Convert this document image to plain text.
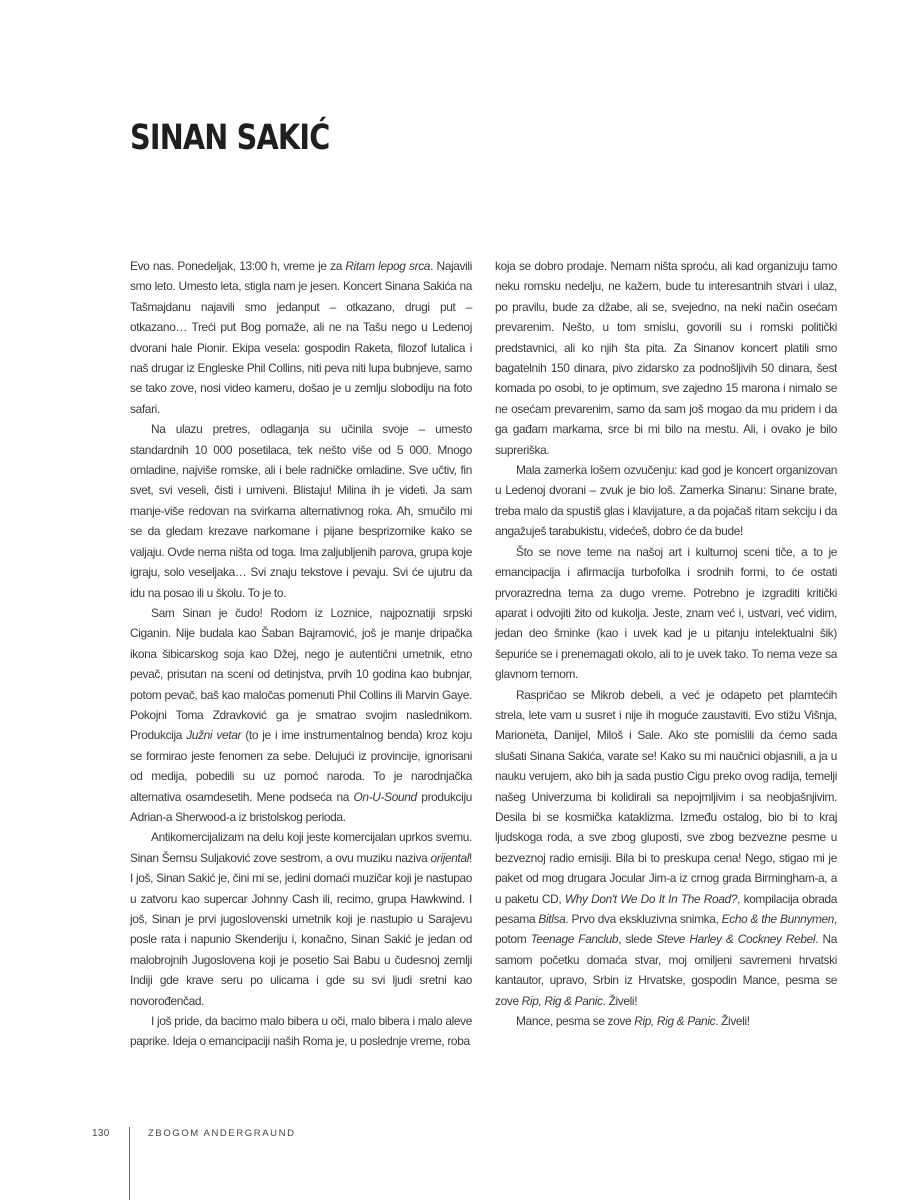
SINAN SAKIĆ

Evo nas. Ponedeljak, 13:00 h, vreme je za Ritam lepog srca. Najavili smo leto. Umesto leta, stigla nam je jesen. Koncert Sinana Sakića na Tašmajdanu najavili smo jedanput – otkazano, drugi put – otkazano… Treći put Bog pomaže, ali ne na Tašu nego u Ledenoj dvorani hale Pionir. Ekipa vesela: gospodin Raketa, filozof lutalica i naš drugar iz Engleske Phil Collins, niti peva niti lupa bubnjeve, samo se tako zove, nosi video kameru, došao je u zemlju slobodiju na foto safari.

Na ulazu pretres, odlaganja su učinila svoje – umesto standardnih 10 000 posetilaca, tek nešto više od 5 000. Mnogo omladine, najviše romske, ali i bele radničke omladine. Sve učtiv, fin svet, svi veseli, čisti i umiveni. Blistaju! Milina ih je videti. Ja sam manje-više redovan na svirkama alternativnog roka. Ah, smučilo mi se da gledam krezave narkomane i pijane besprizornike kako se valjaju. Ovde nema ništa od toga. Ima zaljubljenih parova, grupa koje igraju, solo veseljaka… Svi znaju tekstove i pevaju. Svi će ujutru da idu na posao ili u školu. To je to.

Sam Sinan je čudo! Rodom iz Loznice, najpoznatiji srpski Ciganin. Nije budala kao Šaban Bajramović, još je manje dripačka ikona šibicarskog soja kao Džej, nego je autentični umetnik, etno pevač, prisutan na sceni od detinjstva, prvih 10 godina kao bubnjar, potom pevač, baš kao maločas pomenuti Phil Collins ili Marvin Gaye. Pokojni Toma Zdravković ga je smatrao svojim naslednikom. Produkcija Južni vetar (to je i ime instrumentalnog benda) kroz koju se formirao jeste fenomen za sebe. Delujući iz provincije, ignorisani od medija, pobedili su uz pomoć naroda. To je narodnjačka alternativa osamdesetih. Mene podseća na On-U-Sound produkciju Adrian-a Sherwood-a iz bristolskog perioda.

Antikomercijalizam na delu koji jeste komercijalan uprkos svemu. Sinan Šemsu Suljaković zove sestrom, a ovu muziku naziva orijental! I još, Sinan Sakić je, čini mi se, jedini domaći muzičar koji je nastupao u zatvoru kao supercar Johnny Cash ili, recimo, grupa Hawkwind. I još, Sinan je prvi jugoslovenski umetnik koji je nastupio u Sarajevu posle rata i napunio Skenderiju i, konačno, Sinan Sakić je jedan od malobrojnih Jugoslovena koji je posetio Sai Babu u čudesnoj zemlji Indiji gde krave seru po ulicama i gde su svi ljudi sretni kao novorođenčad.

I još pride, da bacimo malo bibera u oči, malo bibera i malo aleve paprike. Ideja o emancipaciji naših Roma je, u poslednje vreme, roba

koja se dobro prodaje. Nemam ništa sproću, ali kad organizuju tamo neku romsku nedelju, ne kažem, bude tu interesantnih stvari i ulaz, po pravilu, bude za džabe, ali se, svejedno, na neki način osećam prevarenim. Nešto, u tom smislu, govorili su i romski politički predstavnici, ali ko njih šta pita. Za Sinanov koncert platili smo bagatelnih 150 dinara, pivo zidarsko za podnošljivih 50 dinara, šest komada po osobi, to je optimum, sve zajedno 15 marona i nimalo se ne osećam prevarenim, samo da sam još mogao da mu pridem i da ga gađam markama, srce bi mi bilo na mestu. Ali, i ovako je bilo supreriška.

Mala zamerka lošem ozvučenju: kad god je koncert organizovan u Ledenoj dvorani – zvuk je bio loš. Zamerka Sinanu: Sinane brate, treba malo da spustiš glas i klavijature, a da pojačaš ritam sekciju i da angažuješ tarabukistu, videćeš, dobro će da bude!

Što se nove teme na našoj art i kulturnoj sceni tiče, a to je emancipacija i afirmacija turbofolka i srodnih formi, to će ostati prvorazredna tema za dugo vreme. Potrebno je izgraditi kritički aparat i odvojiti žito od kukolja. Jeste, znam već i, ustvari, već vidim, jedan deo šminke (kao i uvek kad je u pitanju intelektualni šik) šepuriće se i prenemagati okolo, ali to je uvek tako. To nema veze sa glavnom temom.

Raspričao se Mikrob debeli, a već je odapeto pet plamtećih strela, lete vam u susret i nije ih moguće zaustaviti. Evo stižu Višnja, Marioneta, Danijel, Miloš i Sale. Ako ste pomislili da ćemo sada slušati Sinana Sakića, varate se! Kako su mi naučnici objasnili, a ja u nauku verujem, ako bih ja sada pustio Cigu preko ovog radija, temelji našeg Univerzuma bi kolidirali sa nepojmljivim i sa neobjašnjivim. Desila bi se kosmička kataklizma. Između ostalog, bio bi to kraj ljudskoga roda, a sve zbog gluposti, sve zbog bezvezne pesme u bezveznoj radio emisiji. Bila bi to preskupa cena! Nego, stigao mi je paket od mog drugara Jocular Jim-a iz crnog grada Birmingham-a, a u paketu CD, Why Don't We Do It In The Road?, kompilacija obrada pesama Bitlsa. Prvo dva ekskluzivna snimka, Echo & the Bunnymen, potom Teenage Fanclub, slede Steve Harley & Cockney Rebel. Na samom početku domaća stvar, moj omiljeni savremeni hrvatski kantautor, upravo, Srbin iz Hrvatske, gospodin Mance, pesma se zove Rip, Rig & Panic. Živeli!

Mance, pesma se zove Rip, Rig & Panic. Živeli!

130	ZBOGOM ANDERGRAUND
